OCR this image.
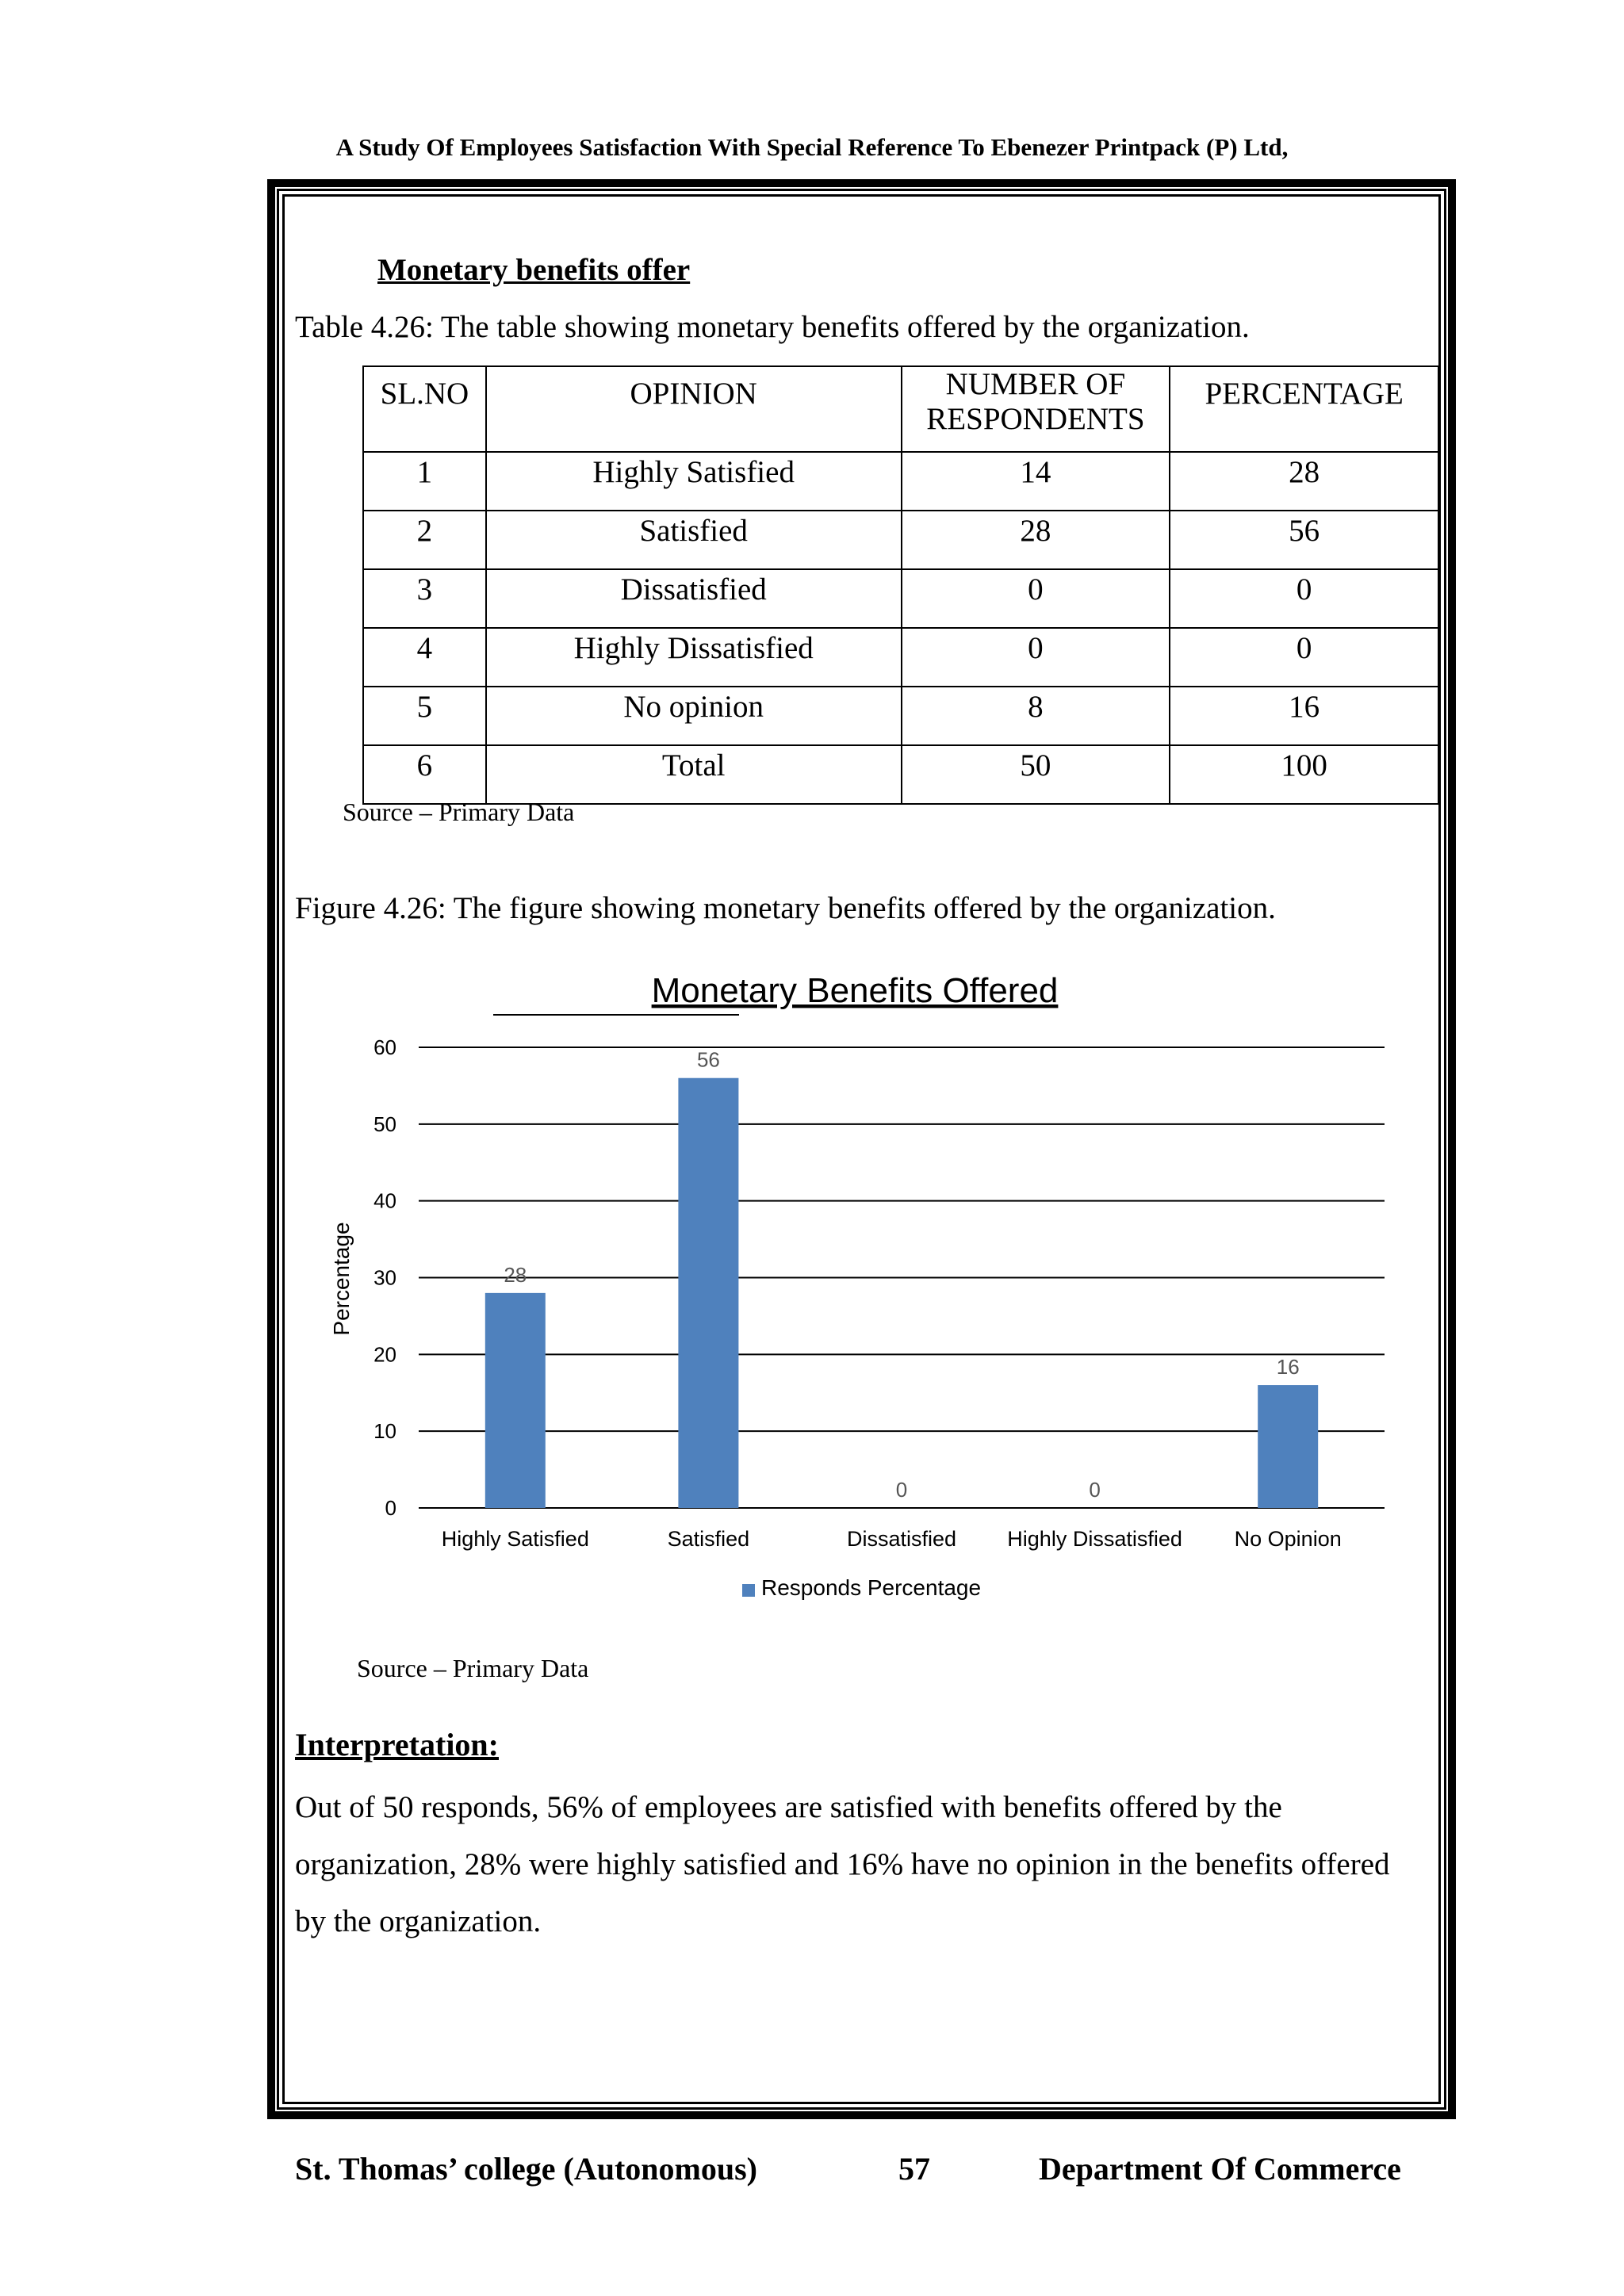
A Study Of Employees Satisfaction With Special Reference To Ebenezer Printpack (P) Ltd,
Monetary benefits offer

Table 4.26: The table showing monetary benefits offered by the organization.

SL.NO	OPINION	NUMBER OF RESPONDENTS	PERCENTAGE
1	Highly Satisfied	14	28
2	Satisfied	28	56
3	Dissatisfied	0	0
4	Highly Dissatisfied	0	0
5	No opinion	8	16
6	Total	50	100

Source – Primary Data

Figure 4.26: The figure showing monetary benefits offered by the organization.

Monetary Benefits Offered
Percentage
0
10
20
30
40
50
60
28
56
0	0
16
Highly Satisfied	Satisfied	Dissatisfied Highly Dissatisfied No Opinion
Responds Percentage

Source – Primary Data

Interpretation:

Out of 50 responds, 56% of employees are satisfied with benefits offered by the organization, 28% were highly satisfied and 16% have no opinion in the benefits offered by the organization.

St. Thomas’ college (Autonomous)	57	Department Of Commerce
